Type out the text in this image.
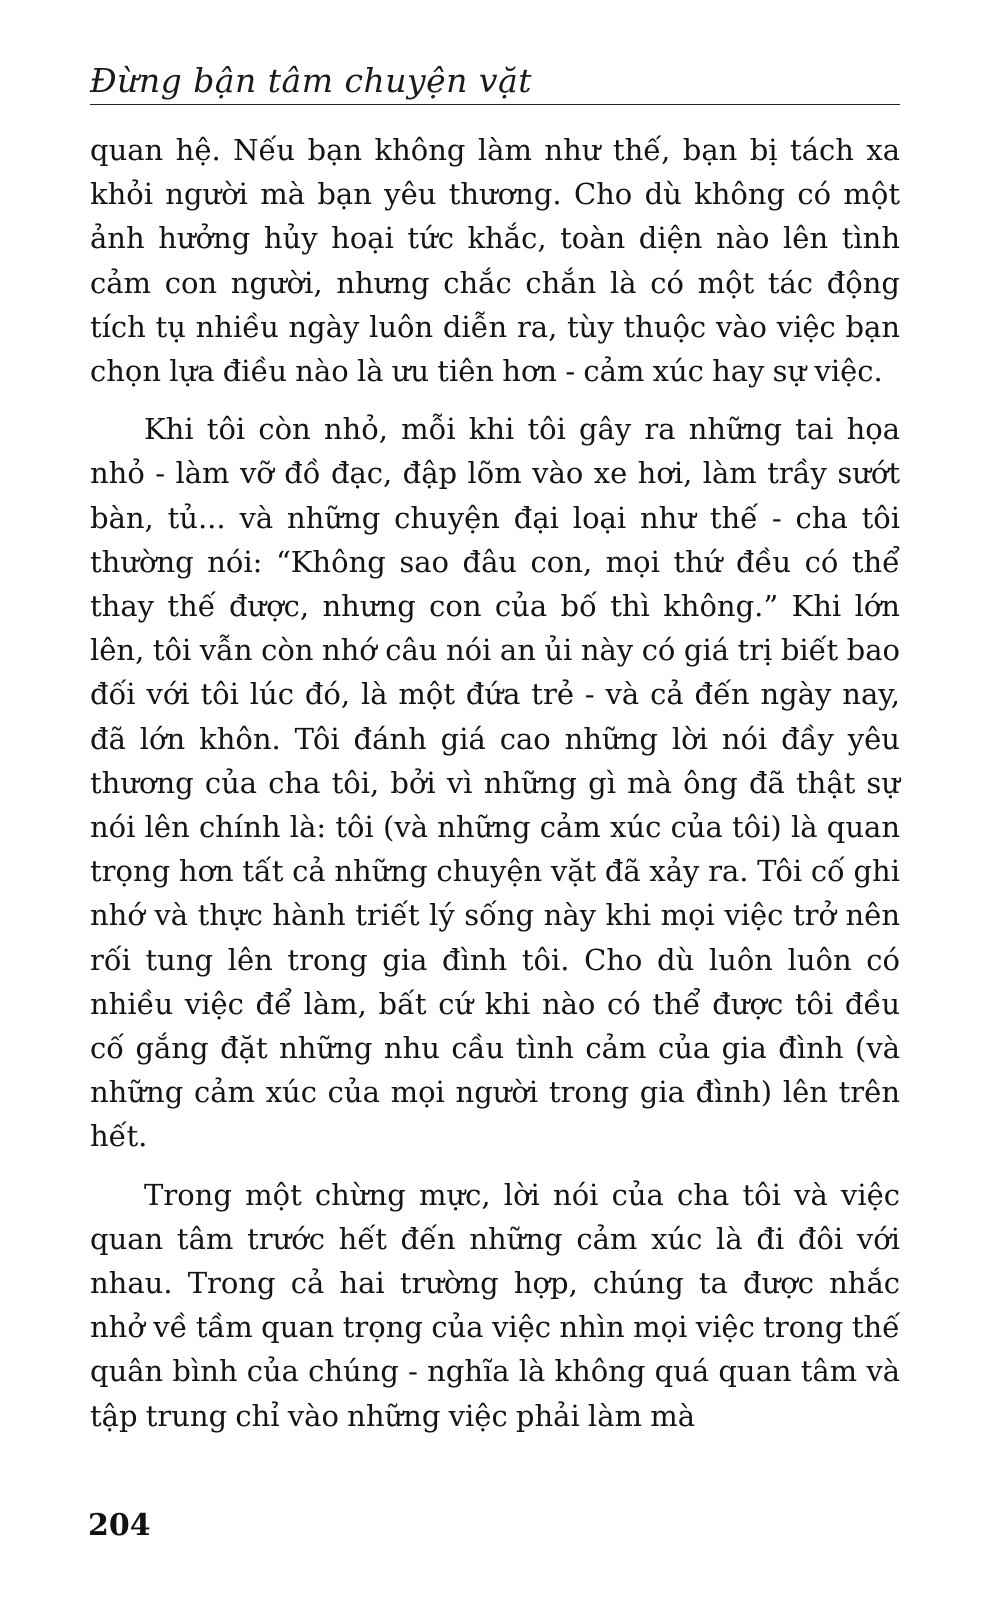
Đừng bận tâm chuyện vặt

quan hệ. Nếu bạn không làm như thế, bạn bị tách xa khỏi người mà bạn yêu thương. Cho dù không có một ảnh hưởng hủy hoại tức khắc, toàn diện nào lên tình cảm con người, nhưng chắc chắn là có một tác động tích tụ nhiều ngày luôn diễn ra, tùy thuộc vào việc bạn chọn lựa điều nào là ưu tiên hơn - cảm xúc hay sự việc.

Khi tôi còn nhỏ, mỗi khi tôi gây ra những tai họa nhỏ - làm vỡ đồ đạc, đập lõm vào xe hơi, làm trầy sướt bàn, tủ... và những chuyện đại loại như thế - cha tôi thường nói: “Không sao đâu con, mọi thứ đều có thể thay thế được, nhưng con của bố thì không.” Khi lớn lên, tôi vẫn còn nhớ câu nói an ủi này có giá trị biết bao đối với tôi lúc đó, là một đứa trẻ - và cả đến ngày nay, đã lớn khôn. Tôi đánh giá cao những lời nói đầy yêu thương của cha tôi, bởi vì những gì mà ông đã thật sự nói lên chính là: tôi (và những cảm xúc của tôi) là quan trọng hơn tất cả những chuyện vặt đã xảy ra. Tôi cố ghi nhớ và thực hành triết lý sống này khi mọi việc trở nên rối tung lên trong gia đình tôi. Cho dù luôn luôn có nhiều việc để làm, bất cứ khi nào có thể được tôi đều cố gắng đặt những nhu cầu tình cảm của gia đình (và những cảm xúc của mọi người trong gia đình) lên trên hết.

Trong một chừng mực, lời nói của cha tôi và việc quan tâm trước hết đến những cảm xúc là đi đôi với nhau. Trong cả hai trường hợp, chúng ta được nhắc nhở về tầm quan trọng của việc nhìn mọi việc trong thế quân bình của chúng - nghĩa là không quá quan tâm và tập trung chỉ vào những việc phải làm mà

204
